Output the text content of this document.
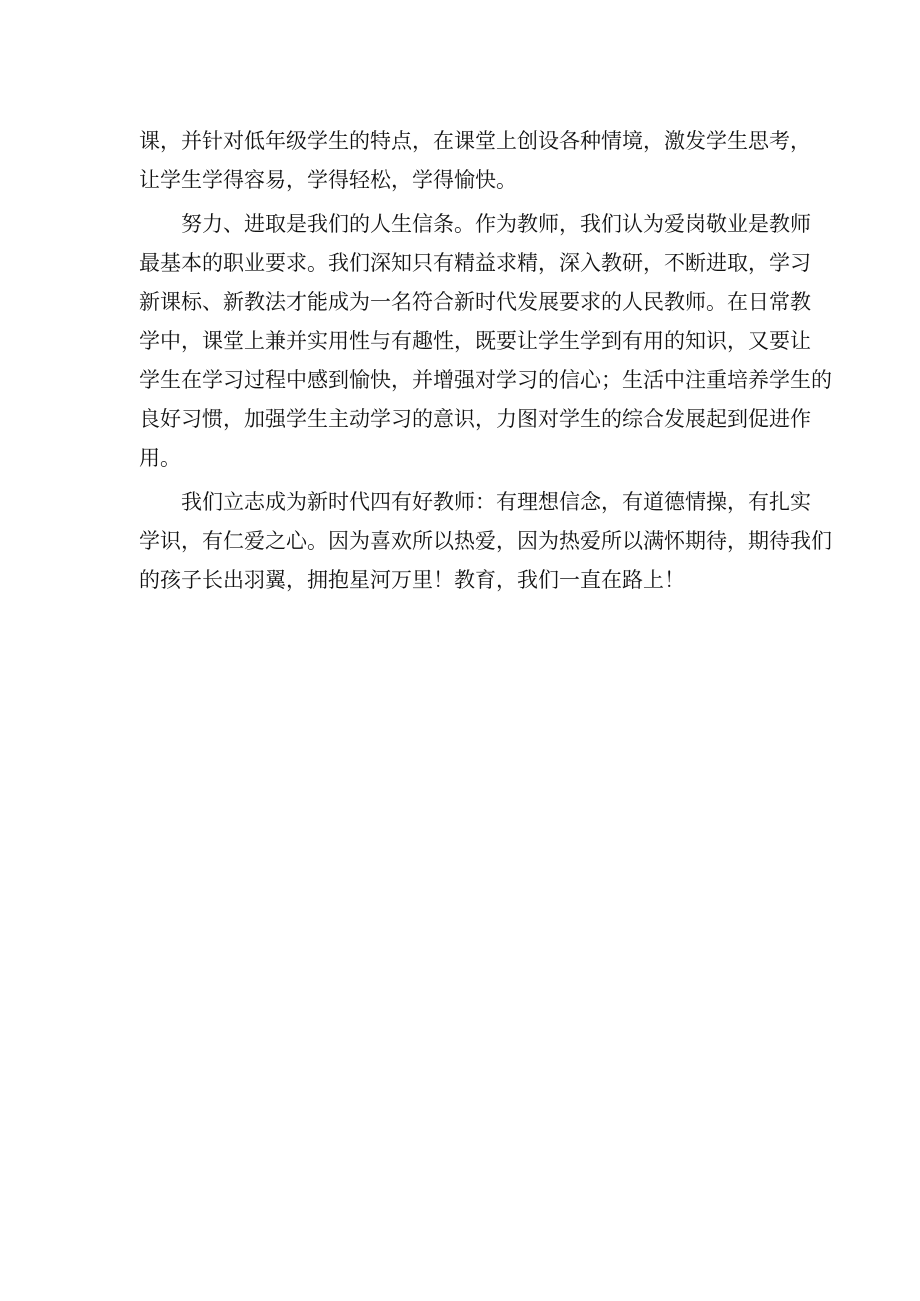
课，并针对低年级学生的特点，在课堂上创设各种情境，激发学生思考，
让学生学得容易，学得轻松，学得愉快。
努力、进取是我们的人生信条。作为教师，我们认为爱岗敬业是教师
最基本的职业要求。我们深知只有精益求精，深入教研，不断进取，学习
新课标、新教法才能成为一名符合新时代发展要求的人民教师。在日常教
学中，课堂上兼并实用性与有趣性，既要让学生学到有用的知识，又要让
学生在学习过程中感到愉快，并增强对学习的信心；生活中注重培养学生的
良好习惯，加强学生主动学习的意识，力图对学生的综合发展起到促进作
用。
我们立志成为新时代四有好教师：有理想信念，有道德情操，有扎实
学识，有仁爱之心。因为喜欢所以热爱，因为热爱所以满怀期待，期待我们
的孩子长出羽翼，拥抱星河万里！教育，我们一直在路上！
